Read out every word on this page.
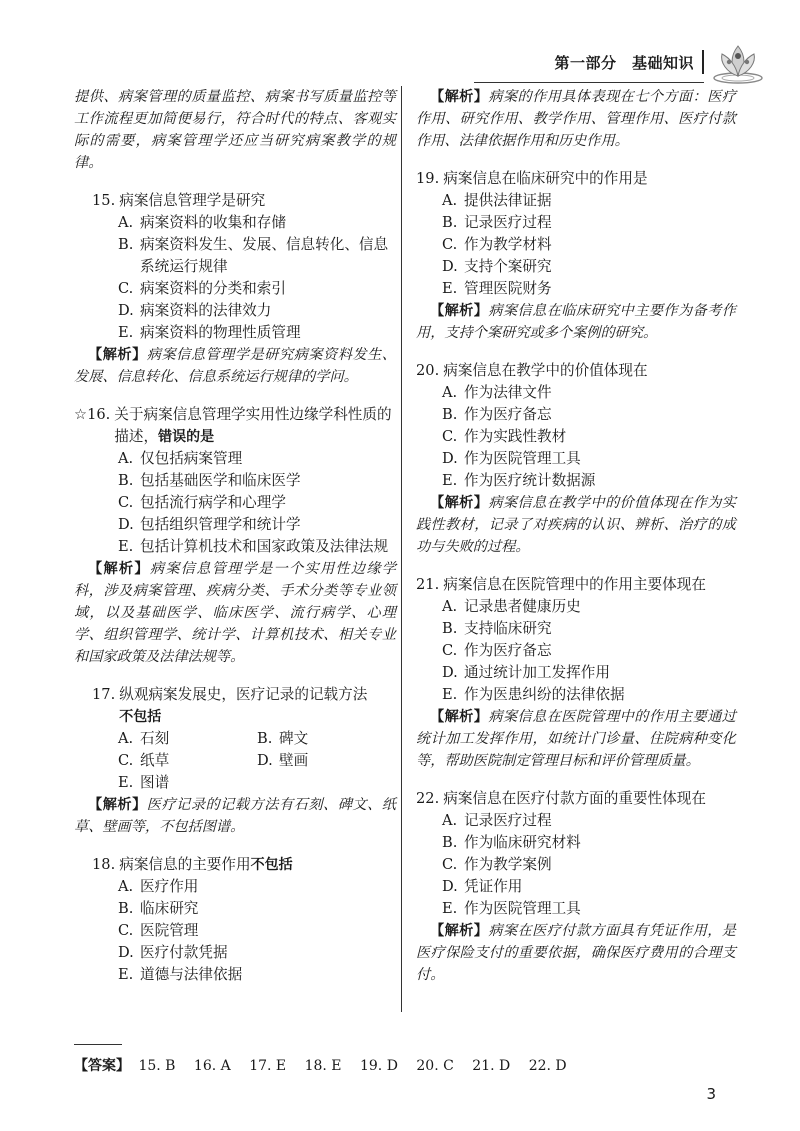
第一部分　基础知识

提供、病案管理的质量监控、病案书写质量监控等工作流程更加简便易行，符合时代的特点、客观实际的需要，病案管理学还应当研究病案教学的规律。

15. 病案信息管理学是研究
A. 病案资料的收集和存储
B. 病案资料发生、发展、信息转化、信息系统运行规律
C. 病案资料的分类和索引
D. 病案资料的法律效力
E. 病案资料的物理性质管理

【解析】病案信息管理学是研究病案资料发生、发展、信息转化、信息系统运行规律的学问。

☆16. 关于病案信息管理学实用性边缘学科性质的描述，错误的是
A. 仅包括病案管理
B. 包括基础医学和临床医学
C. 包括流行病学和心理学
D. 包括组织管理学和统计学
E. 包括计算机技术和国家政策及法律法规

【解析】病案信息管理学是一个实用性边缘学科，涉及病案管理、疾病分类、手术分类等专业领域，以及基础医学、临床医学、流行病学、心理学、组织管理学、统计学、计算机技术、相关专业和国家政策及法律法规等。

17. 纵观病案发展史，医疗记录的记载方法
不包括
A. 石刻	B. 碑文
C. 纸草	D. 壁画
E. 图谱

【解析】医疗记录的记载方法有石刻、碑文、纸草、壁画等，不包括图谱。

18. 病案信息的主要作用不包括
A. 医疗作用
B. 临床研究
C. 医院管理
D. 医疗付款凭据
E. 道德与法律依据

【解析】病案的作用具体表现在七个方面：医疗作用、研究作用、教学作用、管理作用、医疗付款作用、法律依据作用和历史作用。

19. 病案信息在临床研究中的作用是
A. 提供法律证据
B. 记录医疗过程
C. 作为教学材料
D. 支持个案研究
E. 管理医院财务

【解析】病案信息在临床研究中主要作为备考作用，支持个案研究或多个案例的研究。

20. 病案信息在教学中的价值体现在
A. 作为法律文件
B. 作为医疗备忘
C. 作为实践性教材
D. 作为医院管理工具
E. 作为医疗统计数据源

【解析】病案信息在教学中的价值体现在作为实践性教材，记录了对疾病的认识、辨析、治疗的成功与失败的过程。

21. 病案信息在医院管理中的作用主要体现在
A. 记录患者健康历史
B. 支持临床研究
C. 作为医疗备忘
D. 通过统计加工发挥作用
E. 作为医患纠纷的法律依据

【解析】病案信息在医院管理中的作用主要通过统计加工发挥作用，如统计门诊量、住院病种变化等，帮助医院制定管理目标和评价管理质量。

22. 病案信息在医疗付款方面的重要性体现在
A. 记录医疗过程
B. 作为临床研究材料
C. 作为教学案例
D. 凭证作用
E. 作为医院管理工具

【解析】病案在医疗付款方面具有凭证作用，是医疗保险支付的重要依据，确保医疗费用的合理支付。

【答案】 15. B 16. A 17. E 18. E 19. D 20. C 21. D 22. D
3
